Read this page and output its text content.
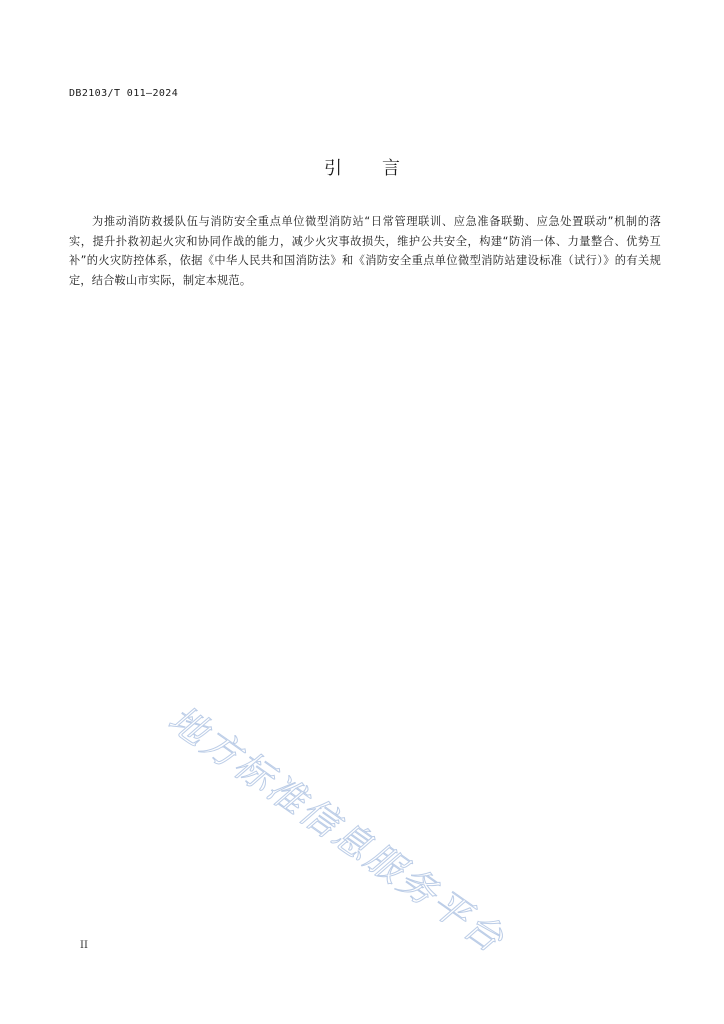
DB2103/T 011—2024
引 言
为推动消防救援队伍与消防安全重点单位微型消防站“日常管理联训、应急准备联勤、应急处置联动”机制的落实，提升扑救初起火灾和协同作战的能力，减少火灾事故损失，维护公共安全，构建“防消一体、力量整合、优势互补”的火灾防控体系，依据《中华人民共和国消防法》和《消防安全重点单位微型消防站建设标准（试行）》的有关规定，结合鞍山市实际，制定本规范。
地方标准信息服务平台
II
